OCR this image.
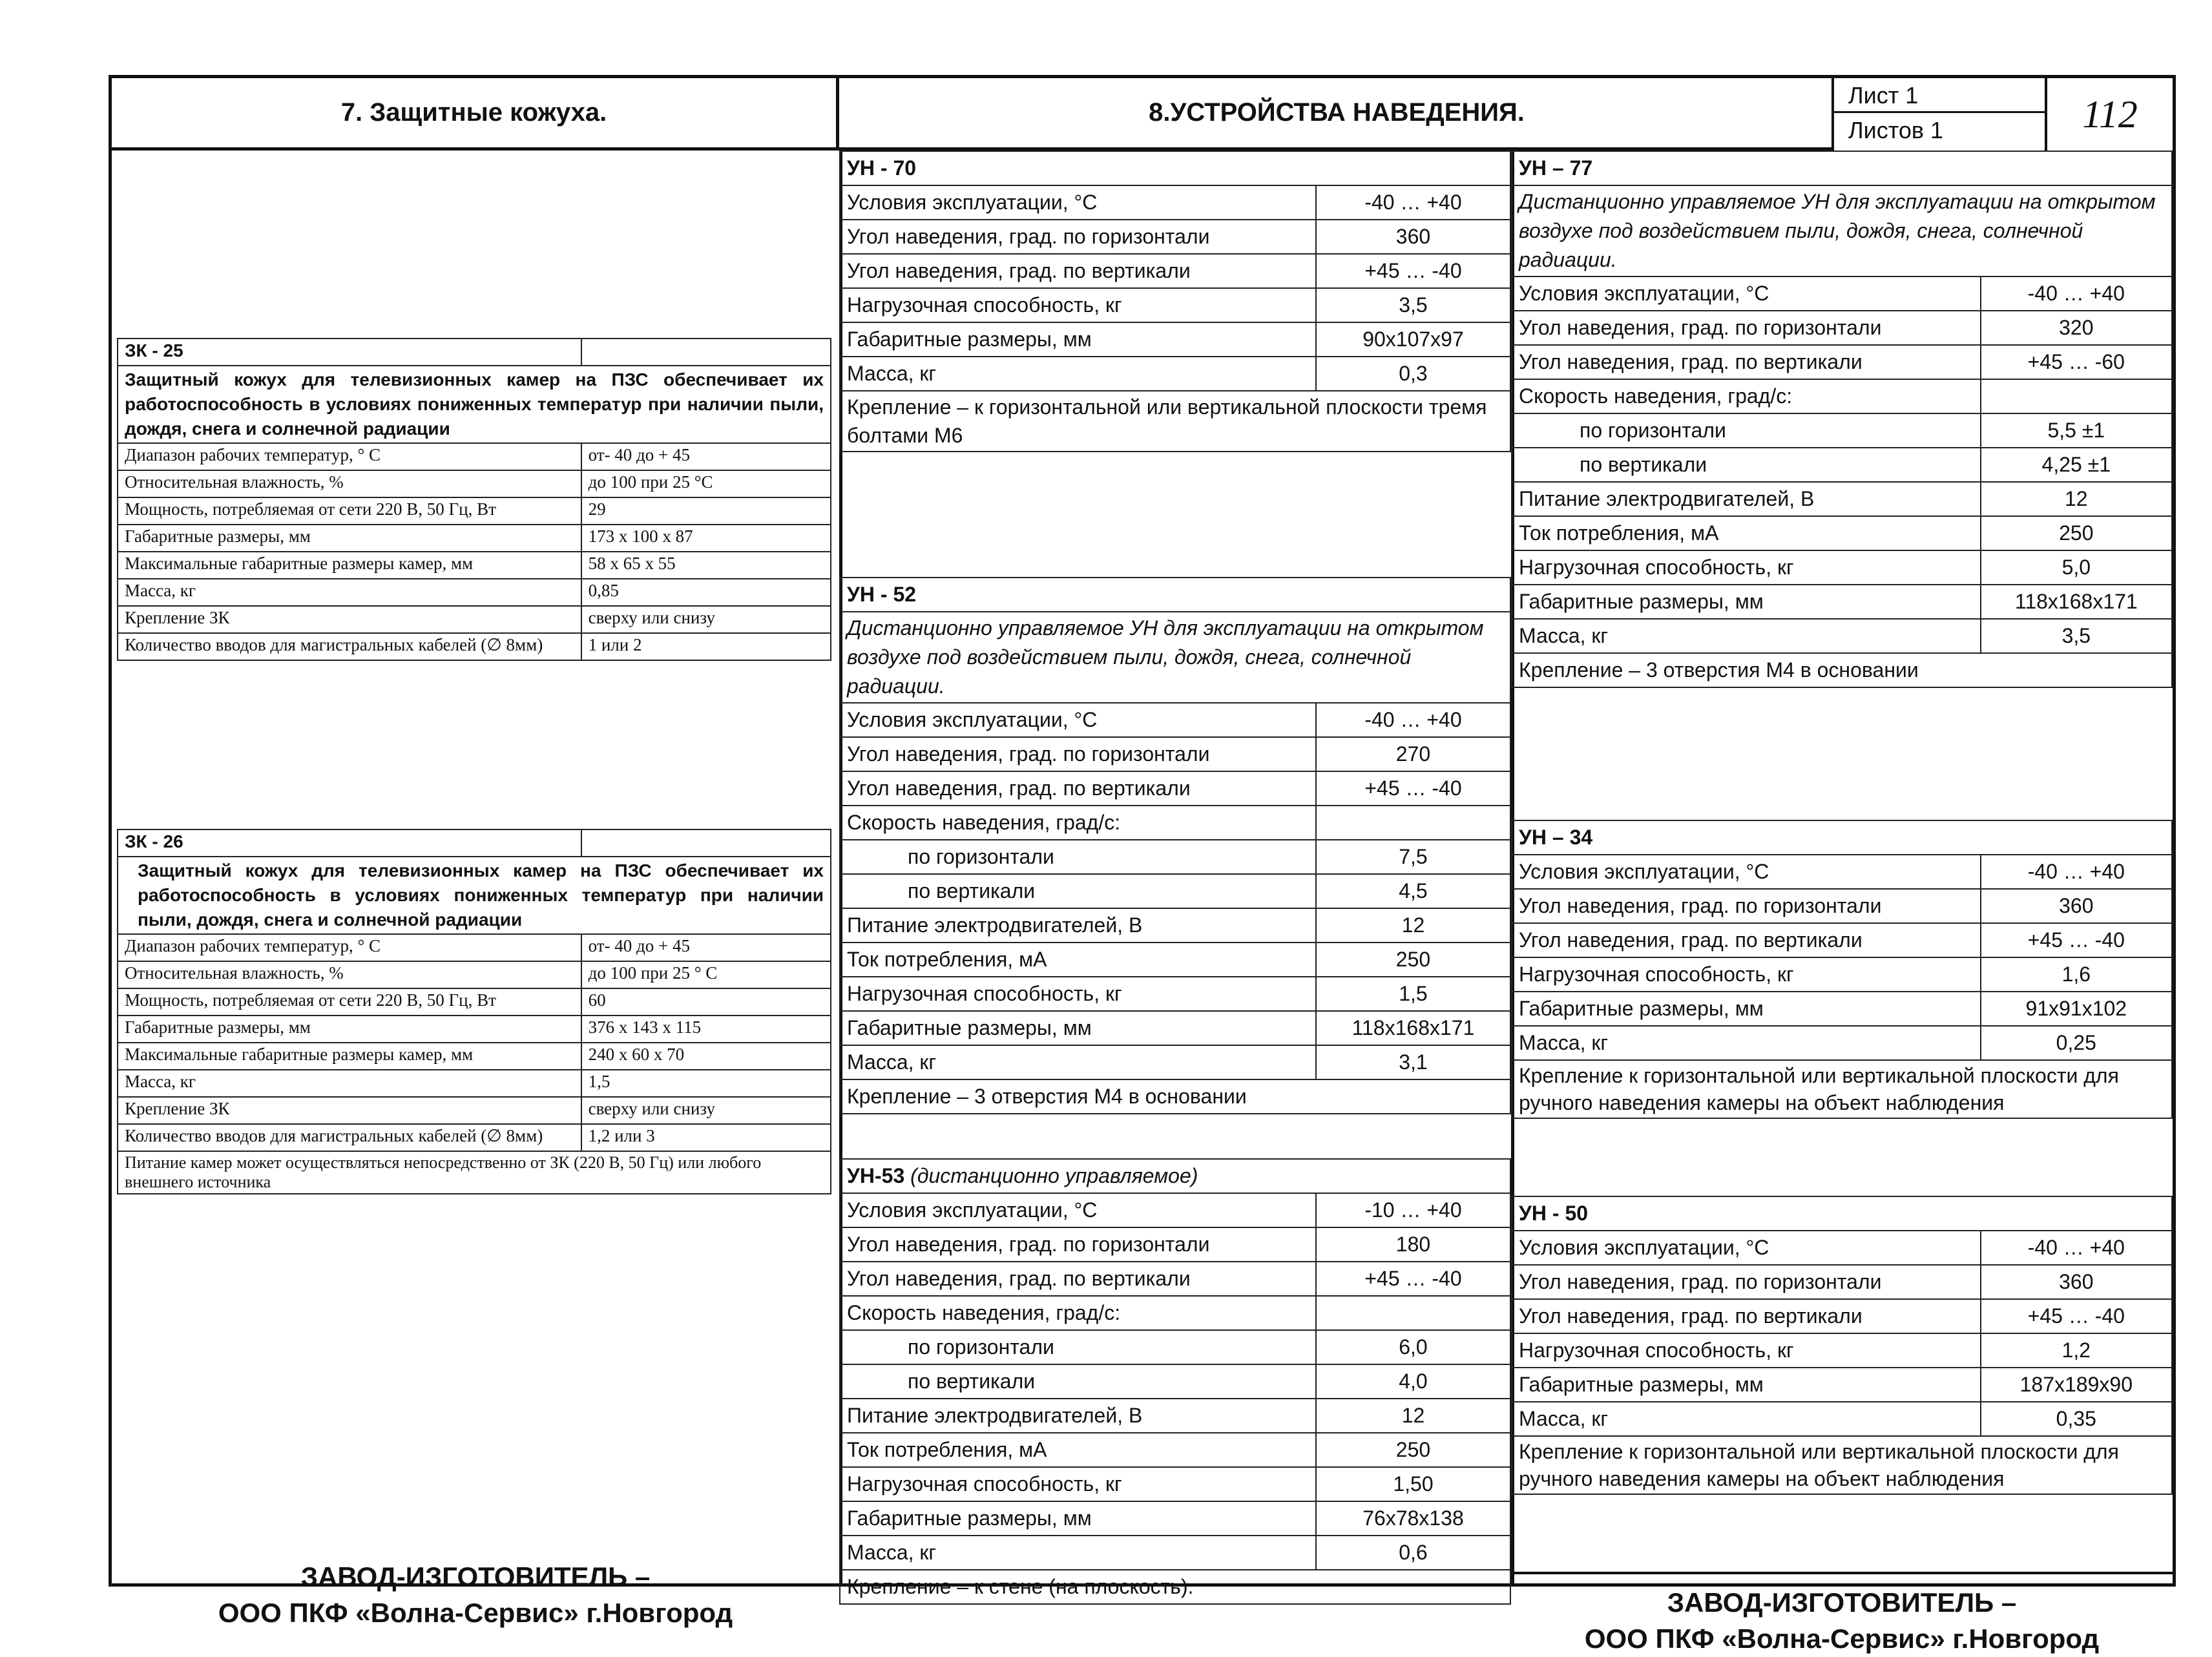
7. Защитные кожуха.	8.УСТРОЙСТВА НАВЕДЕНИЯ.
Лист 1
Листов 1	112
ЗК - 25	
Защитный кожух для телевизионных камер на ПЗС обеспечивает их работоспособность в условиях пониженных температур при наличии пыли, дождя, снега и солнечной радиации	
Диапазон рабочих температур, ° С	от- 40 до + 45
Относительная влажность, %	до 100 при 25 °С
Мощность, потребляемая от сети 220 В, 50 Гц, Вт	29
Габаритные размеры, мм	173 х 100 х 87
Максимальные габаритные размеры камер, мм	58 х 65 х 55
Масса, кг	0,85
Крепление ЗК	сверху или снизу
Количество вводов для магистральных кабелей (∅ 8мм)	1 или 2
ЗК - 26	
Защитный кожух для телевизионных камер на ПЗС обеспечивает их работоспособность в условиях пониженных температур при наличии пыли, дождя, снега и солнечной радиации	
Диапазон рабочих температур, ° С	от- 40 до + 45
Относительная влажность, %	до 100 при 25 ° С
Мощность, потребляемая от сети 220 В, 50 Гц, Вт	60
Габаритные размеры, мм	376 х 143 х 115
Максимальные габаритные размеры камер, мм	240 х 60 х 70
Масса, кг	1,5
Крепление ЗК	сверху или снизу
Количество вводов для магистральных кабелей (∅ 8мм)	1,2 или 3
Питание камер может осуществляться непосредственно от ЗК (220 В, 50 Гц) или любого внешнего источника	
ЗАВОД-ИЗГОТОВИТЕЛЬ –
ООО ПКФ «Волна-Сервис» г.Новгород
УН - 70	
Условия эксплуатации, °С	-40 … +40
Угол наведения, град. по горизонтали	360
Угол наведения, град. по вертикали	+45 … -40
Нагрузочная способность, кг	3,5
Габаритные размеры, мм	90х107х97
Масса, кг	0,3
Крепление – к горизонтальной или вертикальной плоскости тремя болтами М6	
УН - 52	
Дистанционно управляемое УН для эксплуатации на открытом воздухе под воздействием пыли, дождя, снега, солнечной радиации.	
Условия эксплуатации, °С	-40 … +40
Угол наведения, град. по горизонтали	270
Угол наведения, град. по вертикали	+45 … -40
Скорость наведения, град/с:	
по горизонтали	7,5
по вертикали	4,5
Питание электродвигателей, В	12
Ток потребления, мА	250
Нагрузочная способность, кг	1,5
Габаритные размеры, мм	118х168х171
Масса, кг	3,1
Крепление – 3 отверстия М4 в основании	
УН-53 (дистанционно управляемое)	
Условия эксплуатации, °С	-10 … +40
Угол наведения, град. по горизонтали	180
Угол наведения, град. по вертикали	+45 … -40
Скорость наведения, град/с:	
по горизонтали	6,0
по вертикали	4,0
Питание электродвигателей, В	12
Ток потребления, мА	250
Нагрузочная способность, кг	1,50
Габаритные размеры, мм	76х78х138
Масса, кг	0,6
Крепление – к стене (на плоскость).	
УН – 77	
Дистанционно управляемое УН для эксплуатации на открытом воздухе под воздействием пыли, дождя, снега, солнечной радиации.	
Условия эксплуатации, °С	-40 … +40
Угол наведения, град. по горизонтали	320
Угол наведения, град. по вертикали	+45 … -60
Скорость наведения, град/с:	
по горизонтали	5,5 ±1
по вертикали	4,25 ±1
Питание электродвигателей, В	12
Ток потребления, мА	250
Нагрузочная способность, кг	5,0
Габаритные размеры, мм	118х168х171
Масса, кг	3,5
Крепление – 3 отверстия М4 в основании	
УН – 34	
Условия эксплуатации, °С	-40 … +40
Угол наведения, град. по горизонтали	360
Угол наведения, град. по вертикали	+45 … -40
Нагрузочная способность, кг	1,6
Габаритные размеры, мм	91х91х102
Масса, кг	0,25
Крепление к горизонтальной или вертикальной плоскости для ручного наведения камеры на объект наблюдения	
УН - 50	
Условия эксплуатации, °С	-40 … +40
Угол наведения, град. по горизонтали	360
Угол наведения, град. по вертикали	+45 … -40
Нагрузочная способность, кг	1,2
Габаритные размеры, мм	187х189х90
Масса, кг	0,35
Крепление к горизонтальной или вертикальной плоскости для ручного наведения камеры на объект наблюдения	
ЗАВОД-ИЗГОТОВИТЕЛЬ –
ООО ПКФ «Волна-Сервис» г.Новгород
